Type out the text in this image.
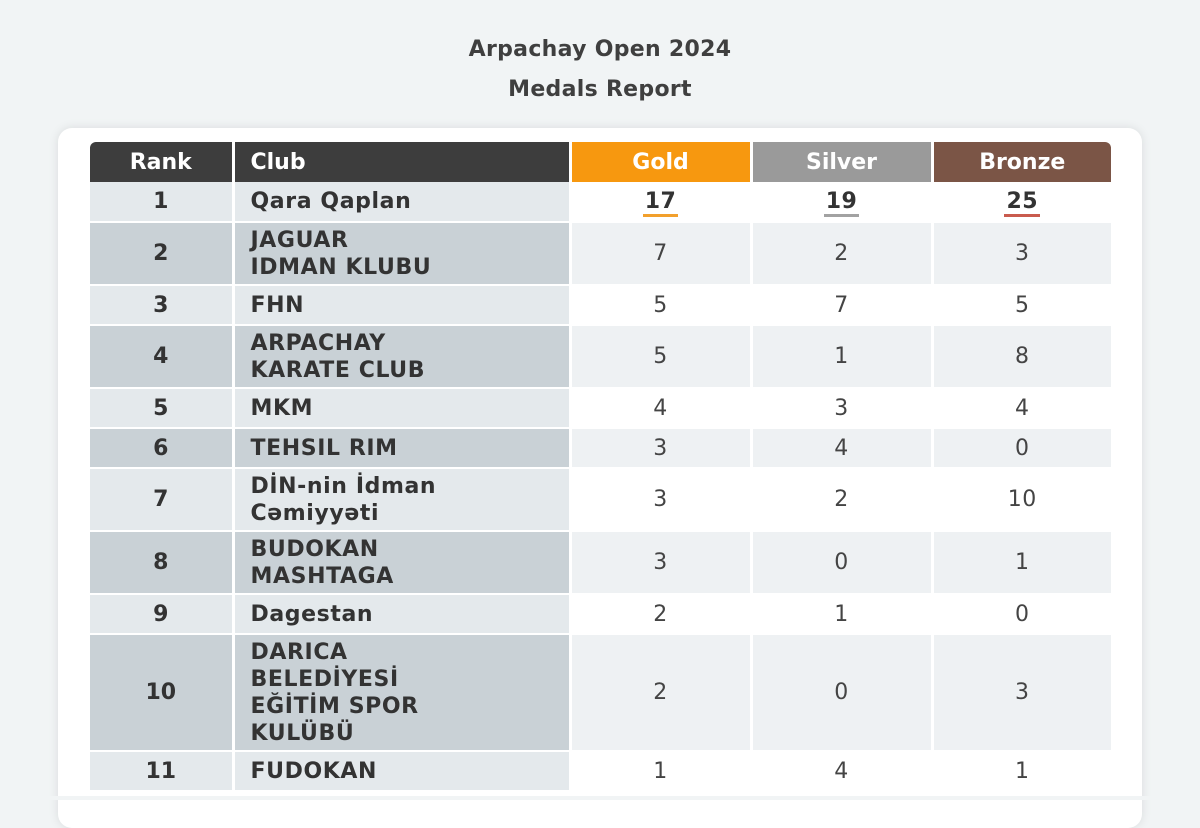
Arpachay Open 2024
Medals Report
Rank	Club	Gold	Silver	Bronze
1	Qara Qaplan	17	19	25
2	JAGUAR
IDMAN KLUBU	7	2	3
3	FHN	5	7	5
4	ARPACHAY
KARATE CLUB	5	1	8
5	MKM	4	3	4
6	TEHSIL RIM	3	4	0
7	DİN-nin İdman
Cəmiyyəti	3	2	10
8	BUDOKAN
MASHTAGA	3	0	1
9	Dagestan	2	1	0
10	DARICA
BELEDİYESİ
EĞİTİM SPOR
KULÜBÜ	2	0	3
11	FUDOKAN	1	4	1
